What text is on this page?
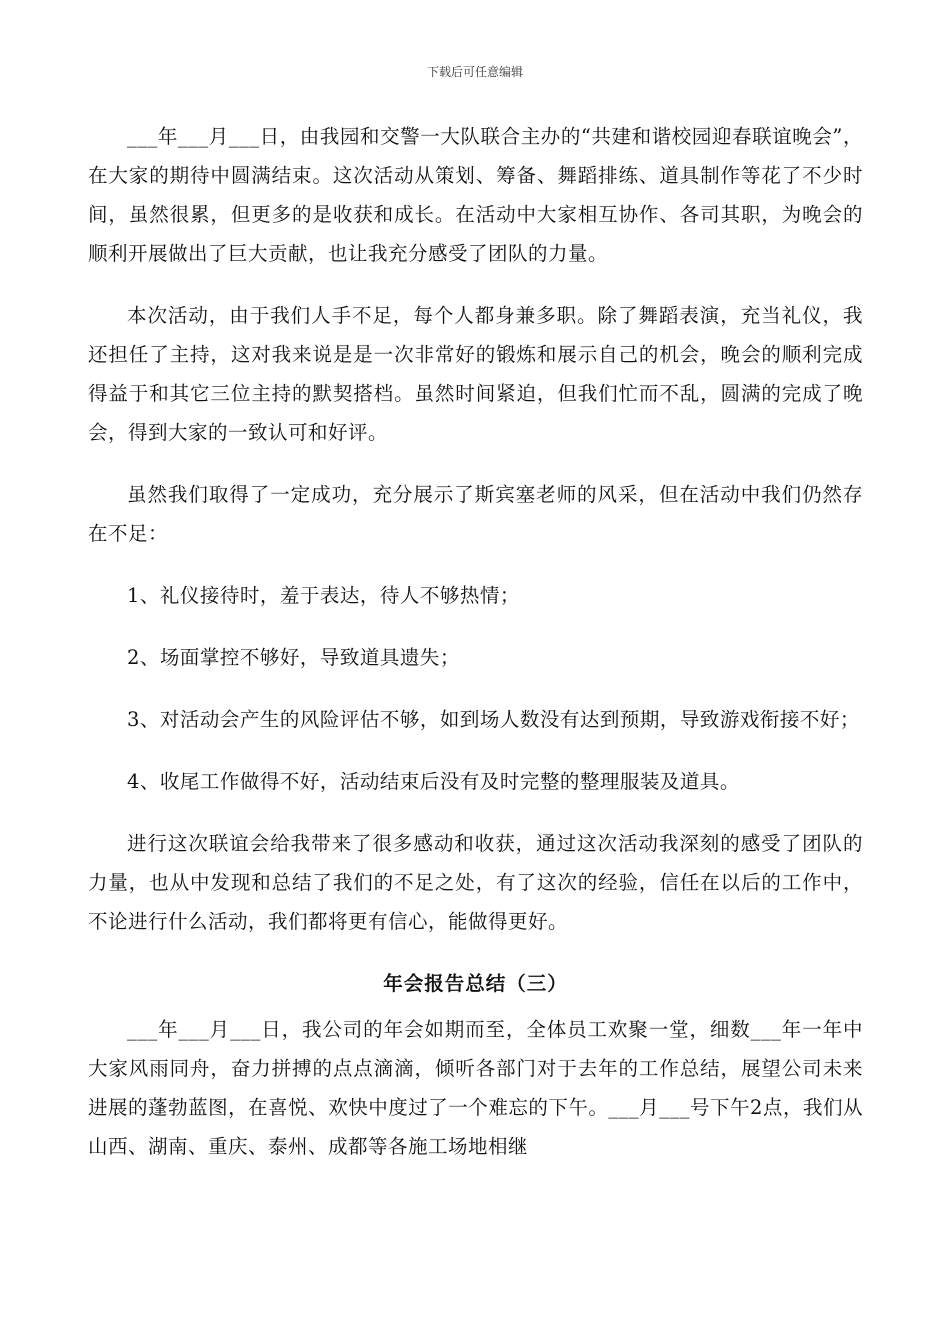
下载后可任意编辑

___年___月___日，由我园和交警一大队联合主办的“共建和谐校园迎春联谊晚会”，在大家的期待中圆满结束。这次活动从策划、筹备、舞蹈排练、道具制作等花了不少时间，虽然很累，但更多的是收获和成长。在活动中大家相互协作、各司其职，为晚会的顺利开展做出了巨大贡献，也让我充分感受了团队的力量。

本次活动，由于我们人手不足，每个人都身兼多职。除了舞蹈表演，充当礼仪，我还担任了主持，这对我来说是是一次非常好的锻炼和展示自己的机会，晚会的顺利完成得益于和其它三位主持的默契搭档。虽然时间紧迫，但我们忙而不乱，圆满的完成了晚会，得到大家的一致认可和好评。

虽然我们取得了一定成功，充分展示了斯宾塞老师的风采，但在活动中我们仍然存在不足：

1、礼仪接待时，羞于表达，待人不够热情；

2、场面掌控不够好，导致道具遗失；

3、对活动会产生的风险评估不够，如到场人数没有达到预期，导致游戏衔接不好；

4、收尾工作做得不好，活动结束后没有及时完整的整理服装及道具。

进行这次联谊会给我带来了很多感动和收获，通过这次活动我深刻的感受了团队的力量，也从中发现和总结了我们的不足之处，有了这次的经验，信任在以后的工作中，不论进行什么活动，我们都将更有信心，能做得更好。

年会报告总结（三）

___年___月___日，我公司的年会如期而至，全体员工欢聚一堂，细数___年一年中大家风雨同舟，奋力拼搏的点点滴滴，倾听各部门对于去年的工作总结，展望公司未来进展的蓬勃蓝图，在喜悦、欢快中度过了一个难忘的下午。___月___号下午2点，我们从山西、湖南、重庆、泰州、成都等各施工场地相继
